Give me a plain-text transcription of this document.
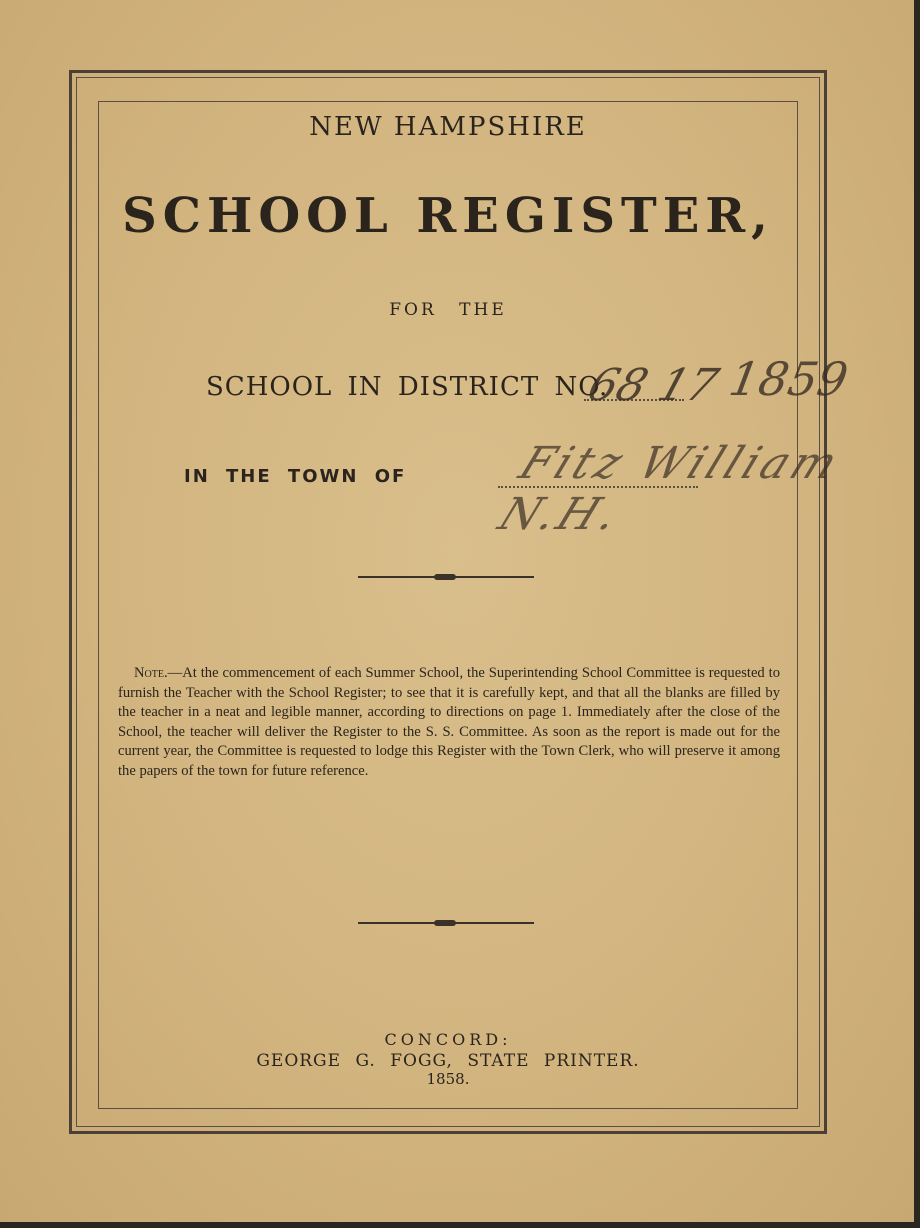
NEW HAMPSHIRE
SCHOOL REGISTER,
FOR THE
SCHOOL IN DISTRICT NO.
68 17 1859
IN THE TOWN OF	Fitz William N.H.
Note.—At the commencement of each Summer School, the Superintending School Committee is requested to furnish the Teacher with the School Register; to see that it is carefully kept, and that all the blanks are filled by the teacher in a neat and legible manner, according to directions on page 1. Immediately after the close of the School, the teacher will deliver the Register to the S. S. Committee. As soon as the report is made out for the current year, the Committee is requested to lodge this Register with the Town Clerk, who will preserve it among the papers of the town for future reference.
CONCORD:
GEORGE G. FOGG, STATE PRINTER.
1858.
